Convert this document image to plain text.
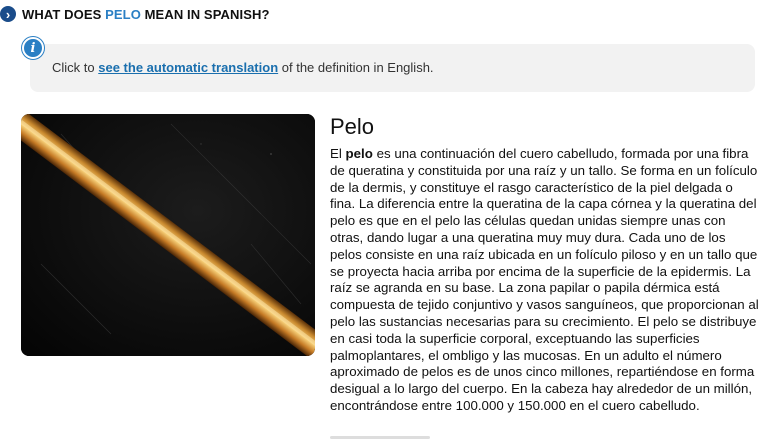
› WHAT DOES PELO MEAN IN SPANISH?
i
Click to see the automatic translation of the definition in English.
Pelo

El pelo es una continuación del cuero cabelludo, formada por una fibra de queratina y constituida por una raíz y un tallo. Se forma en un folículo de la dermis, y constituye el rasgo característico de la piel delgada o fina. La diferencia entre la queratina de la capa córnea y la queratina del pelo es que en el pelo las células quedan unidas siempre unas con otras, dando lugar a una queratina muy muy dura. Cada uno de los pelos consiste en una raíz ubicada en un folículo piloso y en un tallo que se proyecta hacia arriba por encima de la superficie de la epidermis. La raíz se agranda en su base. La zona papilar o papila dérmica está compuesta de tejido conjuntivo y vasos sanguíneos, que proporcionan al pelo las sustancias necesarias para su crecimiento. El pelo se distribuye en casi toda la superficie corporal, exceptuando las superficies palmoplantares, el ombligo y las mucosas. En un adulto el número aproximado de pelos es de unos cinco millones, repartiéndose en forma desigual a lo largo del cuerpo. En la cabeza hay alrededor de un millón, encontrándose entre 100.000 y 150.000 en el cuero cabelludo.
